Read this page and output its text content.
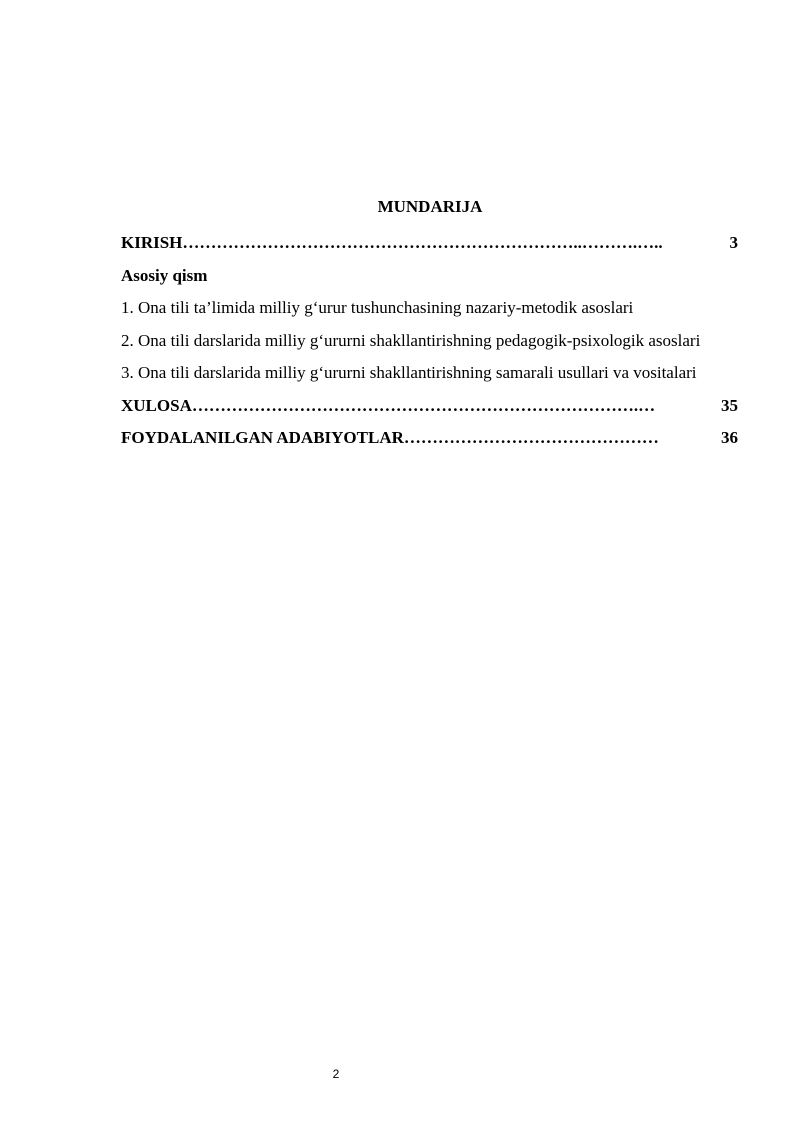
MUNDARIJA
KIRISH ……………………………………………………………..……….…..	3
Asosiy qism
1. Ona tili ta’limida milliy g‘urur tushunchasining nazariy-metodik asoslari
2. Ona tili darslarida milliy g‘ururni shakllantirishning pedagogik-psixologik asoslari
3. Ona tili darslarida milliy g‘ururni shakllantirishning samarali usullari va vositalari
XULOSA …………………………………………………………………….…	35
FOYDALANILGAN ADABIYOTLAR ………………………………………	36
2
